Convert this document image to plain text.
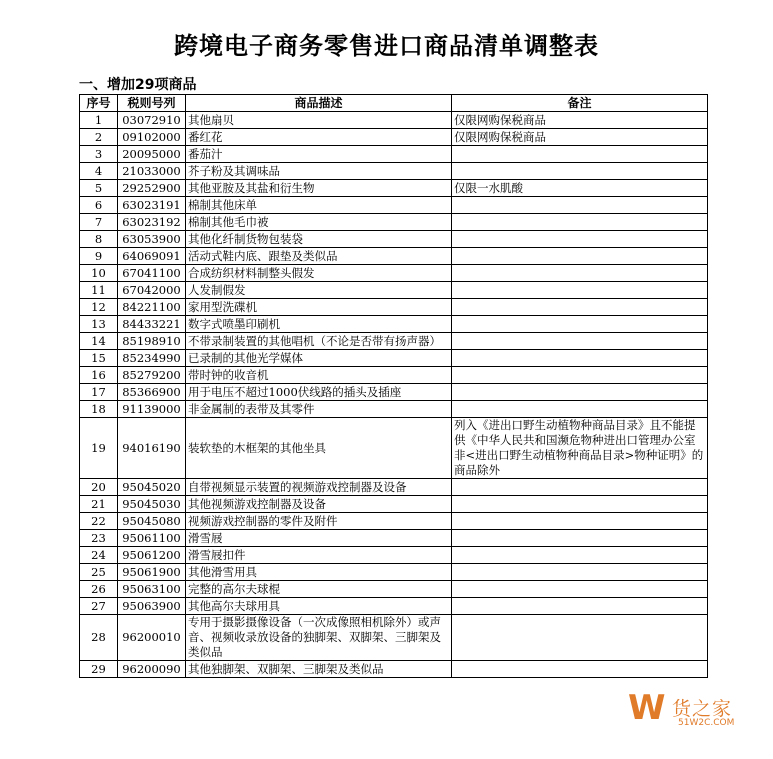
跨境电子商务零售进口商品清单调整表
一、增加29项商品
序号	税则号列	商品描述	备注
1	03072910	其他扇贝	仅限网购保税商品
2	09102000	番红花	仅限网购保税商品
3	20095000	番茄汁	
4	21033000	芥子粉及其调味品	
5	29252900	其他亚胺及其盐和衍生物	仅限一水肌酸
6	63023191	棉制其他床单	
7	63023192	棉制其他毛巾被	
8	63053900	其他化纤制货物包装袋	
9	64069091	活动式鞋内底、跟垫及类似品	
10	67041100	合成纺织材料制整头假发	
11	67042000	人发制假发	
12	84221100	家用型洗碟机	
13	84433221	数字式喷墨印刷机	
14	85198910	不带录制装置的其他唱机（不论是否带有扬声器）	
15	85234990	已录制的其他光学媒体	
16	85279200	带时钟的收音机	
17	85366900	用于电压不超过1000伏线路的插头及插座	
18	91139000	非金属制的表带及其零件	
19	94016190	装软垫的木框架的其他坐具	列入《进出口野生动植物种商品目录》且不能提供《中华人民共和国濒危物种进出口管理办公室非<进出口野生动植物种商品目录>物种证明》的商品除外
20	95045020	自带视频显示装置的视频游戏控制器及设备	
21	95045030	其他视频游戏控制器及设备	
22	95045080	视频游戏控制器的零件及附件	
23	95061100	滑雪屐	
24	95061200	滑雪屐扣件	
25	95061900	其他滑雪用具	
26	95063100	完整的高尔夫球棍	
27	95063900	其他高尔夫球用具	
28	96200010	专用于摄影摄像设备（一次成像照相机除外）或声音、视频收录放设备的独脚架、双脚架、三脚架及类似品	
29	96200090	其他独脚架、双脚架、三脚架及类似品	
W 货之家
51W2C.COM
